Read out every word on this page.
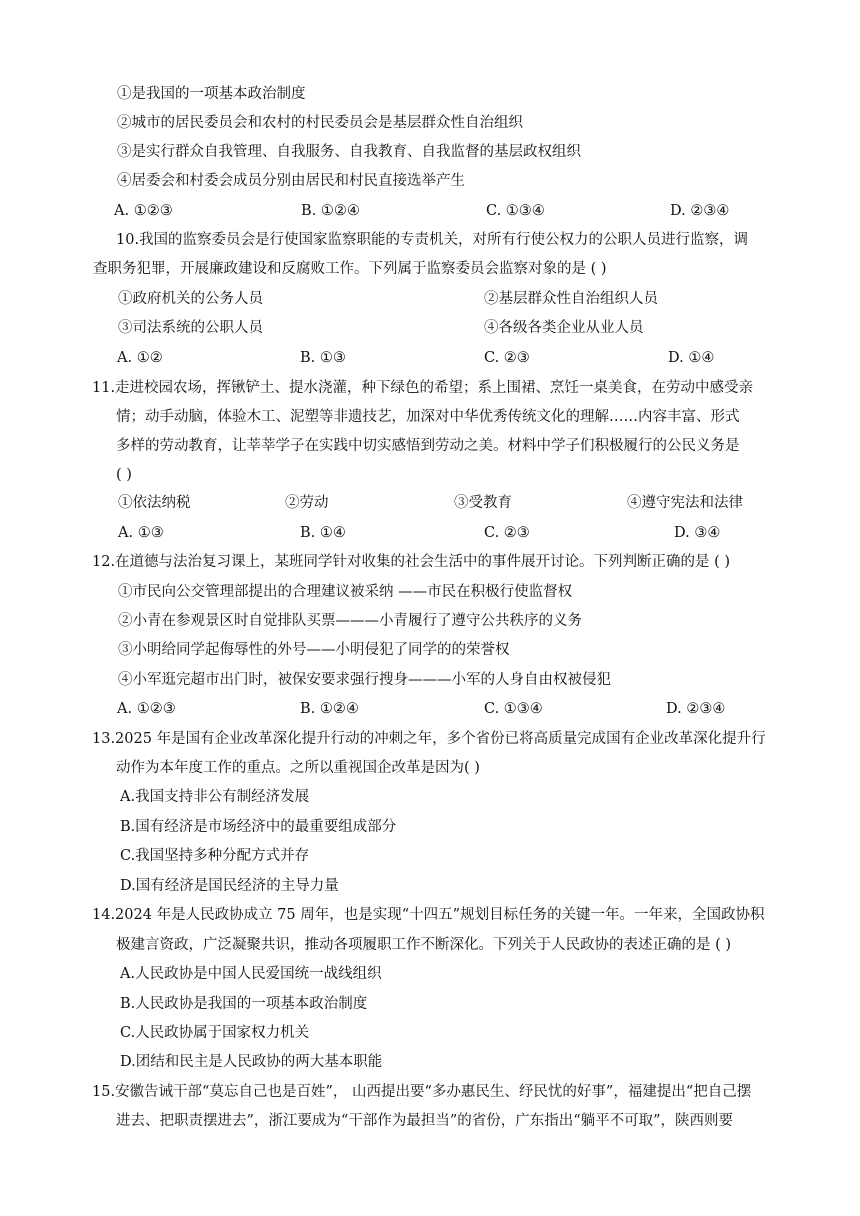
①是我国的一项基本政治制度
②城市的居民委员会和农村的村民委员会是基层群众性自治组织
③是实行群众自我管理、自我服务、自我教育、自我监督的基层政权组织
④居委会和村委会成员分别由居民和村民直接选举产生
A. ①②③	B. ①②④	C. ①③④	D. ②③④
10.我国的监察委员会是行使国家监察职能的专责机关，对所有行使公权力的公职人员进行监察，调
查职务犯罪，开展廉政建设和反腐败工作。下列属于监察委员会监察对象的是 ( )
①政府机关的公务人员	②基层群众性自治组织人员
③司法系统的公职人员	④各级各类企业从业人员
A. ①②	B. ①③	C. ②③	D. ①④
11.走进校园农场，挥锹铲土、提水浇灌，种下绿色的希望；系上围裙、烹饪一桌美食，在劳动中感受亲
情；动手动脑，体验木工、泥塑等非遗技艺，加深对中华优秀传统文化的理解……内容丰富、形式
多样的劳动教育，让莘莘学子在实践中切实感悟到劳动之美。材料中学子们积极履行的公民义务是
( )
①依法纳税	②劳动	③受教育	④遵守宪法和法律
A. ①③	B. ①④	C. ②③	D. ③④
12.在道德与法治复习课上，某班同学针对收集的社会生活中的事件展开讨论。下列判断正确的是 ( )
①市民向公交管理部提出的合理建议被采纳 ——市民在积极行使监督权
②小青在参观景区时自觉排队买票———小青履行了遵守公共秩序的义务
③小明给同学起侮辱性的外号——小明侵犯了同学的的荣誉权
④小军逛完超市出门时，被保安要求强行搜身———小军的人身自由权被侵犯
A. ①②③	B. ①②④	C. ①③④	D. ②③④
13.2025 年是国有企业改革深化提升行动的冲刺之年，多个省份已将高质量完成国有企业改革深化提升行
动作为本年度工作的重点。之所以重视国企改革是因为( )
A.我国支持非公有制经济发展
B.国有经济是市场经济中的最重要组成部分
C.我国坚持多种分配方式并存
D.国有经济是国民经济的主导力量
14.2024 年是人民政协成立 75 周年，也是实现“十四五”规划目标任务的关键一年。一年来，全国政协积
极建言资政，广泛凝聚共识，推动各项履职工作不断深化。下列关于人民政协的表述正确的是 ( )
A.人民政协是中国人民爱国统一战线组织
B.人民政协是我国的一项基本政治制度
C.人民政协属于国家权力机关
D.团结和民主是人民政协的两大基本职能
15.安徽告诫干部“莫忘自己也是百姓”， 山西提出要“多办惠民生、纾民忧的好事”，福建提出“把自己摆
进去、把职责摆进去”，浙江要成为“干部作为最担当”的省份，广东指出“躺平不可取”，陕西则要
